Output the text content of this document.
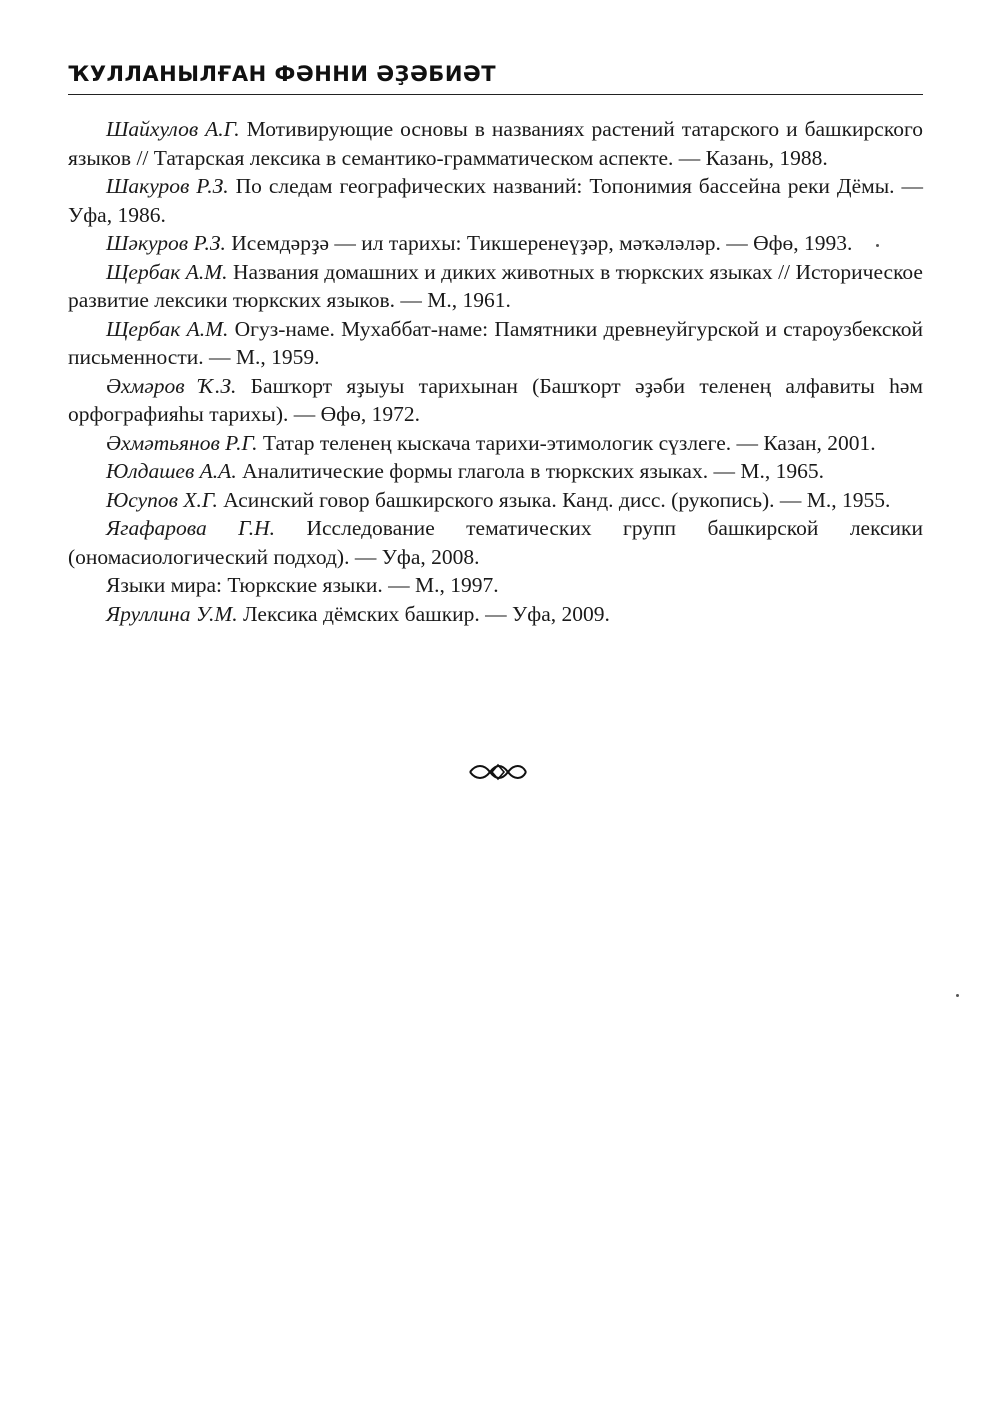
ҠУЛЛАНЫЛҒАН ФӘННИ ӘҘӘБИӘТ

Шайхулов А.Г. Мотивирующие основы в названиях растений татарского и башкирского языков // Татарская лексика в семантико-грамматическом аспекте. — Казань, 1988.

Шакуров Р.З. По следам географических названий: Топонимия бассейна реки Дёмы. — Уфа, 1986.

Шәкуров Р.З. Исемдәрҙә — ил тарихы: Тикшеренеүҙәр, мәҡәләләр. — Өфө, 1993.

Щербак А.М. Названия домашних и диких животных в тюркских языках // Историческое развитие лексики тюркских языков. — М., 1961.

Щербак А.М. Огуз-наме. Мухаббат-наме: Памятники древнеуйгурской и староузбекской письменности. — М., 1959.

Әхмәров Ҡ.З. Башҡорт яҙыуы тарихынан (Башҡорт әҙәби теленең алфавиты һәм орфографияһы тарихы). — Өфө, 1972.

Әхмәтьянов Р.Г. Татар теленең кыскача тарихи-этимологик сүзлеге. — Казан, 2001.

Юлдашев А.А. Аналитические формы глагола в тюркских языках. — М., 1965.

Юсупов Х.Г. Асинский говор башкирского языка. Канд. дисс. (рукопись). — М., 1955.

Ягафарова Г.Н. Исследование тематических групп башкирской лексики (ономасиологический подход). — Уфа, 2008.

Языки мира: Тюркские языки. — М., 1997.

Яруллина У.М. Лексика дёмских башкир. — Уфа, 2009.
